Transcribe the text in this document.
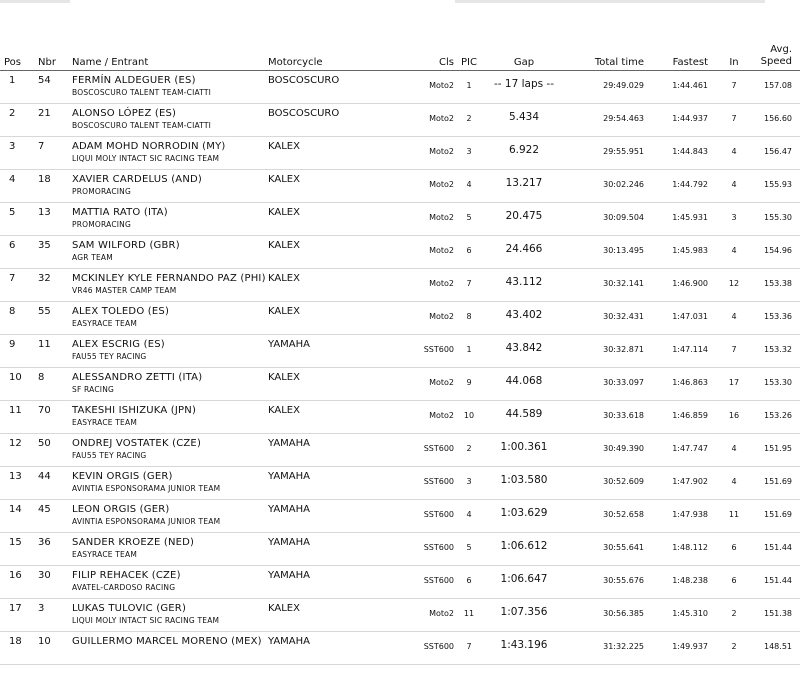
Pos	Nbr	Name / Entrant	Motorcycle	Cls	PIC	Gap	Total time	Fastest	In	Avg.
Speed
1	54	FERMÍN ALDEGUER (ES)
BOSCOSCURO TALENT TEAM-CIATTI	BOSCOSCURO	Moto2	1	-- 17 laps --	29:49.029	1:44.461	7	157.08
2	21	ALONSO LÓPEZ (ES)
BOSCOSCURO TALENT TEAM-CIATTI	BOSCOSCURO	Moto2	2	5.434	29:54.463	1:44.937	7	156.60
3	7	ADAM MOHD NORRODIN (MY)
LIQUI MOLY INTACT SIC RACING TEAM	KALEX	Moto2	3	6.922	29:55.951	1:44.843	4	156.47
4	18	XAVIER CARDELUS (AND)
PROMORACING	KALEX	Moto2	4	13.217	30:02.246	1:44.792	4	155.93
5	13	MATTIA RATO (ITA)
PROMORACING	KALEX	Moto2	5	20.475	30:09.504	1:45.931	3	155.30
6	35	SAM WILFORD (GBR)
AGR TEAM	KALEX	Moto2	6	24.466	30:13.495	1:45.983	4	154.96
7	32	MCKINLEY KYLE FERNANDO PAZ (PHI)
VR46 MASTER CAMP TEAM	KALEX	Moto2	7	43.112	30:32.141	1:46.900	12	153.38
8	55	ALEX TOLEDO (ES)
EASYRACE TEAM	KALEX	Moto2	8	43.402	30:32.431	1:47.031	4	153.36
9	11	ALEX ESCRIG (ES)
FAU55 TEY RACING	YAMAHA	SST600	1	43.842	30:32.871	1:47.114	7	153.32
10	8	ALESSANDRO ZETTI (ITA)
SF RACING	KALEX	Moto2	9	44.068	30:33.097	1:46.863	17	153.30
11	70	TAKESHI ISHIZUKA (JPN)
EASYRACE TEAM	KALEX	Moto2	10	44.589	30:33.618	1:46.859	16	153.26
12	50	ONDREJ VOSTATEK (CZE)
FAU55 TEY RACING	YAMAHA	SST600	2	1:00.361	30:49.390	1:47.747	4	151.95
13	44	KEVIN ORGIS (GER)
AVINTIA ESPONSORAMA JUNIOR TEAM	YAMAHA	SST600	3	1:03.580	30:52.609	1:47.902	4	151.69
14	45	LEON ORGIS (GER)
AVINTIA ESPONSORAMA JUNIOR TEAM	YAMAHA	SST600	4	1:03.629	30:52.658	1:47.938	11	151.69
15	36	SANDER KROEZE (NED)
EASYRACE TEAM	YAMAHA	SST600	5	1:06.612	30:55.641	1:48.112	6	151.44
16	30	FILIP REHACEK (CZE)
AVATEL-CARDOSO RACING	YAMAHA	SST600	6	1:06.647	30:55.676	1:48.238	6	151.44
17	3	LUKAS TULOVIC (GER)
LIQUI MOLY INTACT SIC RACING TEAM	KALEX	Moto2	11	1:07.356	30:56.385	1:45.310	2	151.38
18	10	GUILLERMO MARCEL MORENO (MEX)	YAMAHA	SST600	7	1:43.196	31:32.225	1:49.937	2	148.51
